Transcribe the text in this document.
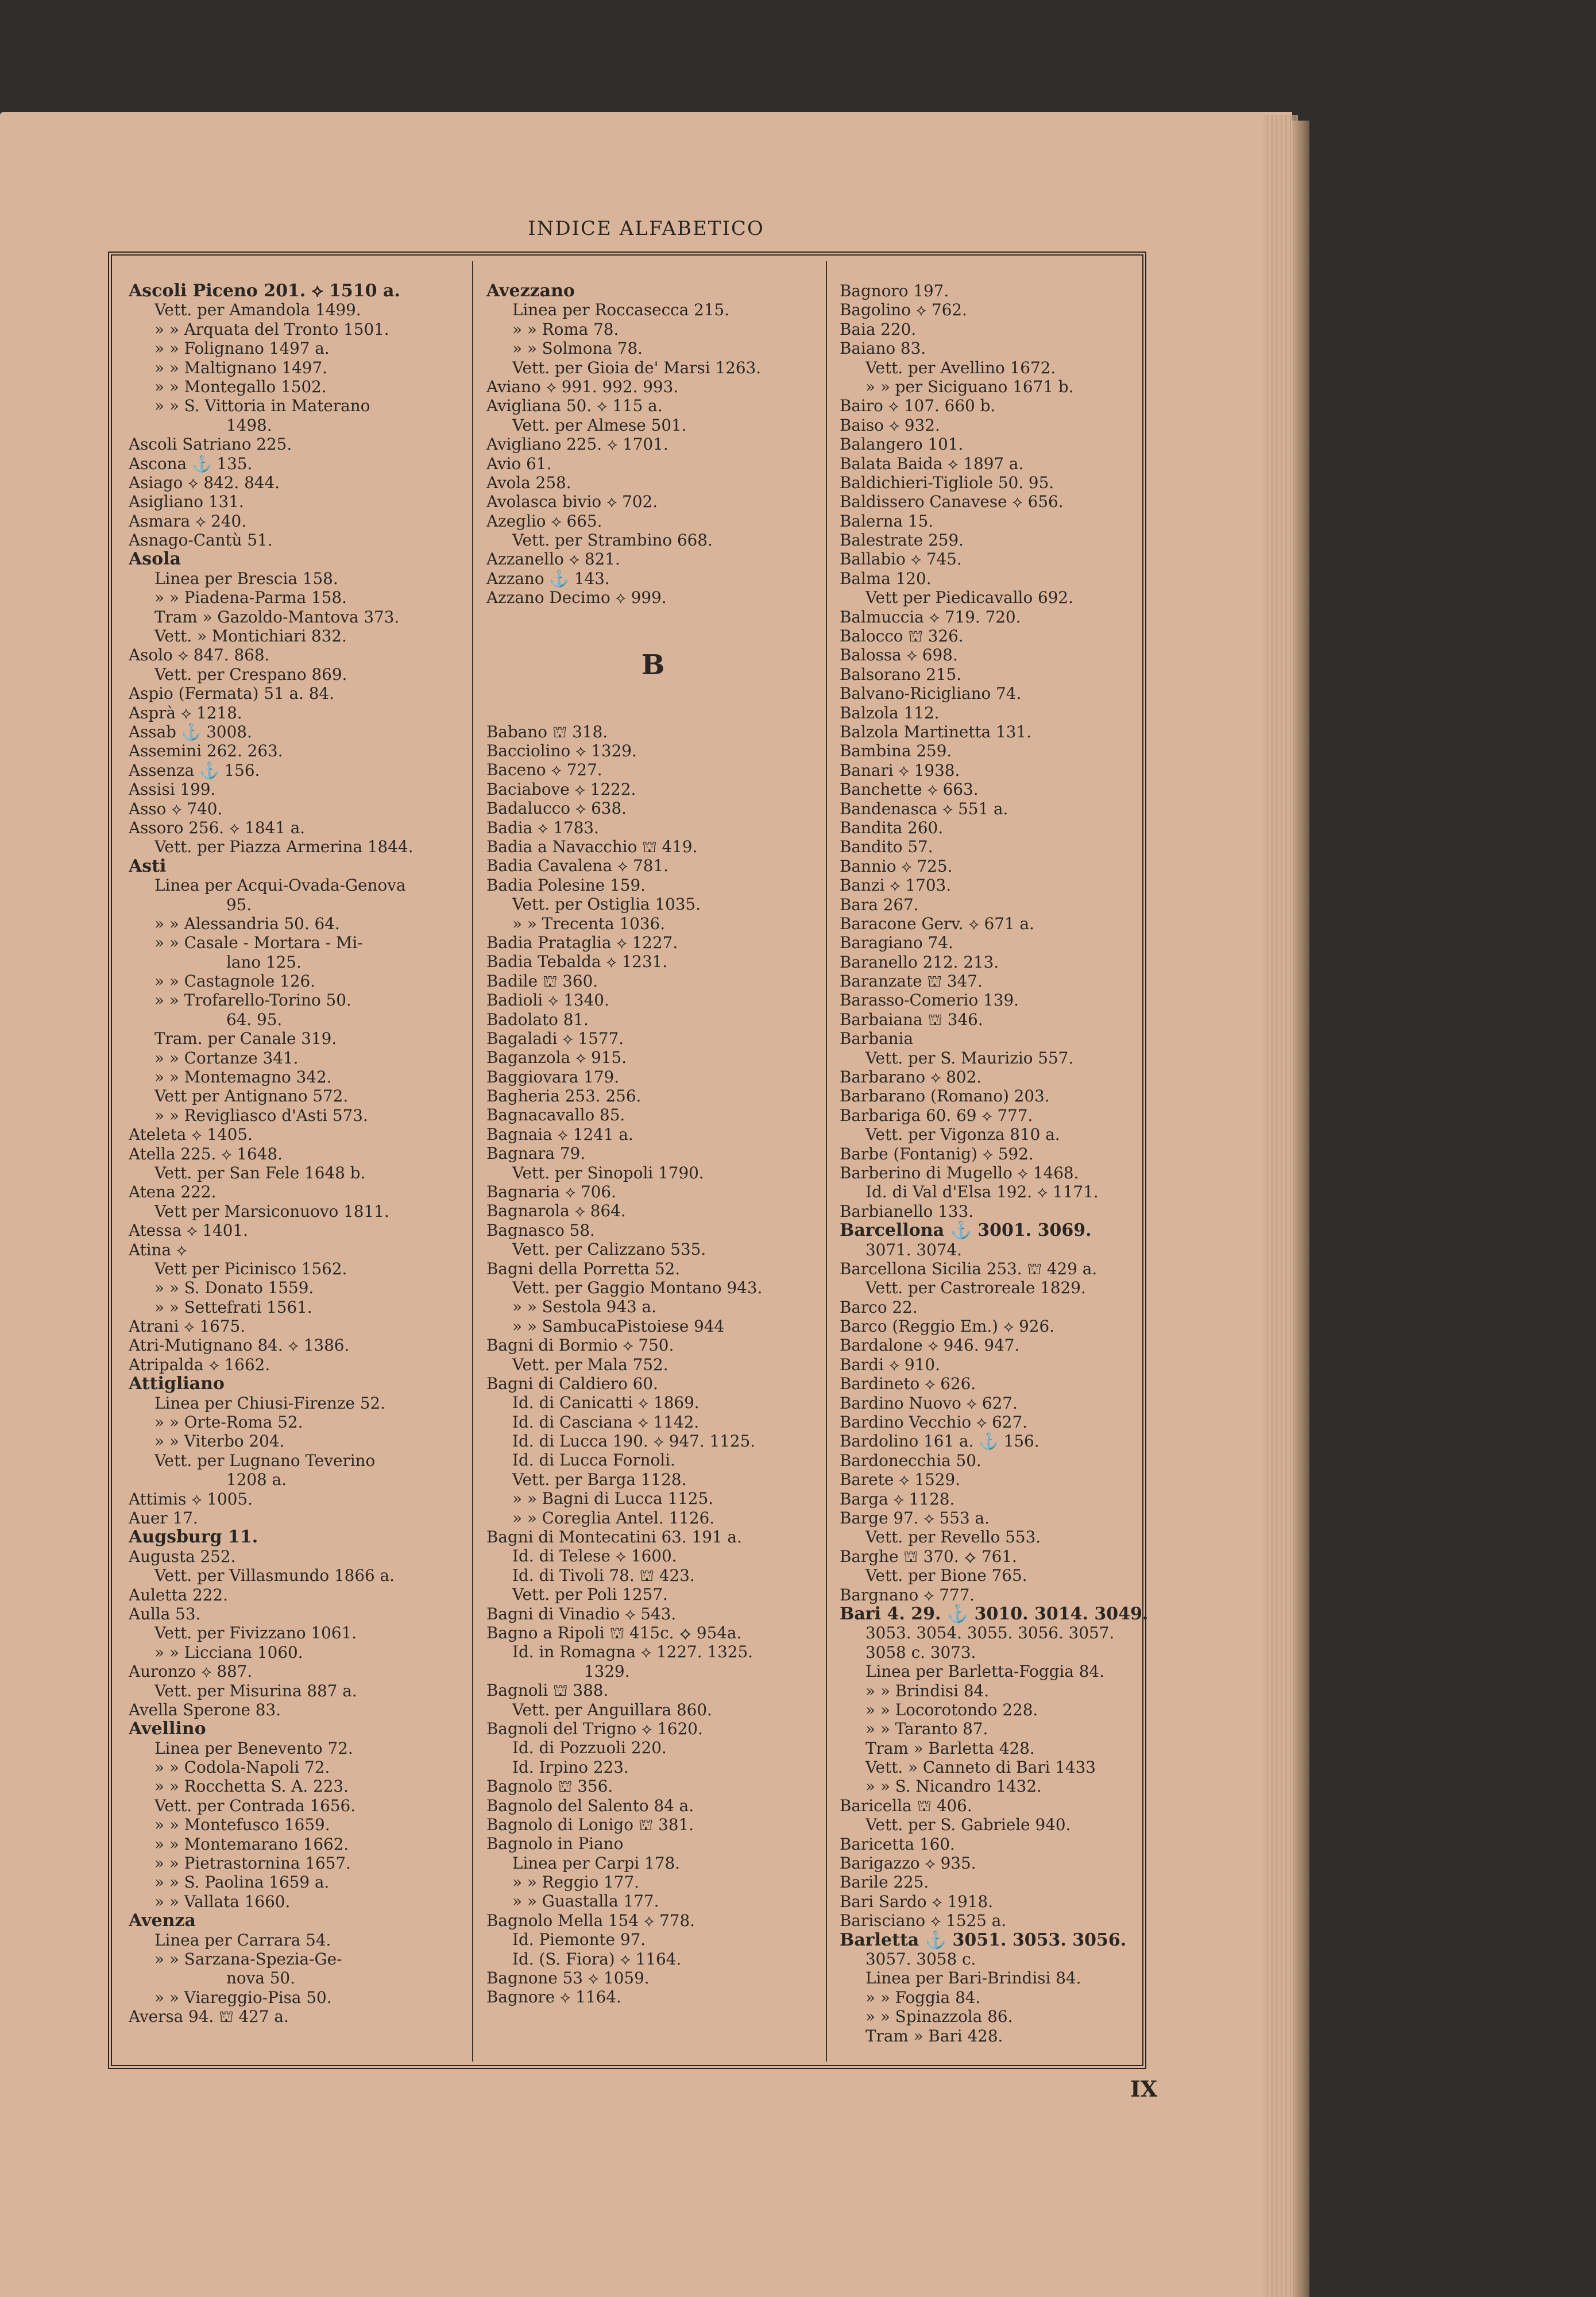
INDICE ALFABETICO
Ascoli Piceno 201. ⟡ 1510 a.
Vett. per Amandola 1499.
» » Arquata del Tronto 1501.
» » Folignano 1497 a.
» » Maltignano 1497.
» » Montegallo 1502.
» » S. Vittoria in Materano
1498.
Ascoli Satriano 225.
Ascona ⚓ 135.
Asiago ⟡ 842. 844.
Asigliano 131.
Asmara ⟡ 240.
Asnago-Cantù 51.
Asola
Linea per Brescia 158.
» » Piadena-Parma 158.
Tram » Gazoldo-Mantova 373.
Vett. » Montichiari 832.
Asolo ⟡ 847. 868.
Vett. per Crespano 869.
Aspio (Fermata) 51 a. 84.
Asprà ⟡ 1218.
Assab ⚓ 3008.
Assemini 262. 263.
Assenza ⚓ 156.
Assisi 199.
Asso ⟡ 740.
Assoro 256. ⟡ 1841 a.
Vett. per Piazza Armerina 1844.
Asti
Linea per Acqui-Ovada-Genova
95.
» » Alessandria 50. 64.
» » Casale - Mortara - Mi-
lano 125.
» » Castagnole 126.
» » Trofarello-Torino 50.
64. 95.
Tram. per Canale 319.
» » Cortanze 341.
» » Montemagno 342.
Vett per Antignano 572.
» » Revigliasco d'Asti 573.
Ateleta ⟡ 1405.
Atella 225. ⟡ 1648.
Vett. per San Fele 1648 b.
Atena 222.
Vett per Marsiconuovo 1811.
Atessa ⟡ 1401.
Atina ⟡
Vett per Picinisco 1562.
» » S. Donato 1559.
» » Settefrati 1561.
Atrani ⟡ 1675.
Atri-Mutignano 84. ⟡ 1386.
Atripalda ⟡ 1662.
Attigliano
Linea per Chiusi-Firenze 52.
» » Orte-Roma 52.
» » Viterbo 204.
Vett. per Lugnano Teverino
1208 a.
Attimis ⟡ 1005.
Auer 17.
Augsburg 11.
Augusta 252.
Vett. per Villasmundo 1866 a.
Auletta 222.
Aulla 53.
Vett. per Fivizzano 1061.
» » Licciana 1060.
Auronzo ⟡ 887.
Vett. per Misurina 887 a.
Avella Sperone 83.
Avellino
Linea per Benevento 72.
» » Codola-Napoli 72.
» » Rocchetta S. A. 223.
Vett. per Contrada 1656.
» » Montefusco 1659.
» » Montemarano 1662.
» » Pietrastornina 1657.
» » S. Paolina 1659 a.
» » Vallata 1660.
Avenza
Linea per Carrara 54.
» » Sarzana-Spezia-Ge-
nova 50.
» » Viareggio-Pisa 50.
Aversa 94. ⛫ 427 a.
Avezzano
Linea per Roccasecca 215.
» » Roma 78.
» » Solmona 78.
Vett. per Gioia de' Marsi 1263.
Aviano ⟡ 991. 992. 993.
Avigliana 50. ⟡ 115 a.
Vett. per Almese 501.
Avigliano 225. ⟡ 1701.
Avio 61.
Avola 258.
Avolasca bivio ⟡ 702.
Azeglio ⟡ 665.
Vett. per Strambino 668.
Azzanello ⟡ 821.
Azzano ⚓ 143.
Azzano Decimo ⟡ 999.
B
Babano ⛫ 318.
Bacciolino ⟡ 1329.
Baceno ⟡ 727.
Baciabove ⟡ 1222.
Badalucco ⟡ 638.
Badia ⟡ 1783.
Badia a Navacchio ⛫ 419.
Badia Cavalena ⟡ 781.
Badia Polesine 159.
Vett. per Ostiglia 1035.
» » Trecenta 1036.
Badia Prataglia ⟡ 1227.
Badia Tebalda ⟡ 1231.
Badile ⛫ 360.
Badioli ⟡ 1340.
Badolato 81.
Bagaladi ⟡ 1577.
Baganzola ⟡ 915.
Baggiovara 179.
Bagheria 253. 256.
Bagnacavallo 85.
Bagnaia ⟡ 1241 a.
Bagnara 79.
Vett. per Sinopoli 1790.
Bagnaria ⟡ 706.
Bagnarola ⟡ 864.
Bagnasco 58.
Vett. per Calizzano 535.
Bagni della Porretta 52.
Vett. per Gaggio Montano 943.
» » Sestola 943 a.
» » SambucaPistoiese 944
Bagni di Bormio ⟡ 750.
Vett. per Mala 752.
Bagni di Caldiero 60.
Id. di Canicatti ⟡ 1869.
Id. di Casciana ⟡ 1142.
Id. di Lucca 190. ⟡ 947. 1125.
Id. di Lucca Fornoli.
Vett. per Barga 1128.
» » Bagni di Lucca 1125.
» » Coreglia Antel. 1126.
Bagni di Montecatini 63. 191 a.
Id. di Telese ⟡ 1600.
Id. di Tivoli 78. ⛫ 423.
Vett. per Poli 1257.
Bagni di Vinadio ⟡ 543.
Bagno a Ripoli ⛫ 415c. ⟡ 954a.
Id. in Romagna ⟡ 1227. 1325.
1329.
Bagnoli ⛫ 388.
Vett. per Anguillara 860.
Bagnoli del Trigno ⟡ 1620.
Id. di Pozzuoli 220.
Id. Irpino 223.
Bagnolo ⛫ 356.
Bagnolo del Salento 84 a.
Bagnolo di Lonigo ⛫ 381.
Bagnolo in Piano
Linea per Carpi 178.
» » Reggio 177.
» » Guastalla 177.
Bagnolo Mella 154 ⟡ 778.
Id. Piemonte 97.
Id. (S. Fiora) ⟡ 1164.
Bagnone 53 ⟡ 1059.
Bagnore ⟡ 1164.
Bagnoro 197.
Bagolino ⟡ 762.
Baia 220.
Baiano 83.
Vett. per Avellino 1672.
» » per Siciguano 1671 b.
Bairo ⟡ 107. 660 b.
Baiso ⟡ 932.
Balangero 101.
Balata Baida ⟡ 1897 a.
Baldichieri-Tigliole 50. 95.
Baldissero Canavese ⟡ 656.
Balerna 15.
Balestrate 259.
Ballabio ⟡ 745.
Balma 120.
Vett per Piedicavallo 692.
Balmuccia ⟡ 719. 720.
Balocco ⛫ 326.
Balossa ⟡ 698.
Balsorano 215.
Balvano-Ricigliano 74.
Balzola 112.
Balzola Martinetta 131.
Bambina 259.
Banari ⟡ 1938.
Banchette ⟡ 663.
Bandenasca ⟡ 551 a.
Bandita 260.
Bandito 57.
Bannio ⟡ 725.
Banzi ⟡ 1703.
Bara 267.
Baracone Gerv. ⟡ 671 a.
Baragiano 74.
Baranello 212. 213.
Baranzate ⛫ 347.
Barasso-Comerio 139.
Barbaiana ⛫ 346.
Barbania
Vett. per S. Maurizio 557.
Barbarano ⟡ 802.
Barbarano (Romano) 203.
Barbariga 60. 69 ⟡ 777.
Vett. per Vigonza 810 a.
Barbe (Fontanig) ⟡ 592.
Barberino di Mugello ⟡ 1468.
Id. di Val d'Elsa 192. ⟡ 1171.
Barbianello 133.
Barcellona ⚓ 3001. 3069.
3071. 3074.
Barcellona Sicilia 253. ⛫ 429 a.
Vett. per Castroreale 1829.
Barco 22.
Barco (Reggio Em.) ⟡ 926.
Bardalone ⟡ 946. 947.
Bardi ⟡ 910.
Bardineto ⟡ 626.
Bardino Nuovo ⟡ 627.
Bardino Vecchio ⟡ 627.
Bardolino 161 a. ⚓ 156.
Bardonecchia 50.
Barete ⟡ 1529.
Barga ⟡ 1128.
Barge 97. ⟡ 553 a.
Vett. per Revello 553.
Barghe ⛫ 370. ⟡ 761.
Vett. per Bione 765.
Bargnano ⟡ 777.
Bari 4. 29. ⚓ 3010. 3014. 3049.
3053. 3054. 3055. 3056. 3057.
3058 c. 3073.
Linea per Barletta-Foggia 84.
» » Brindisi 84.
» » Locorotondo 228.
» » Taranto 87.
Tram » Barletta 428.
Vett. » Canneto di Bari 1433
» » S. Nicandro 1432.
Baricella ⛫ 406.
Vett. per S. Gabriele 940.
Baricetta 160.
Barigazzo ⟡ 935.
Barile 225.
Bari Sardo ⟡ 1918.
Barisciano ⟡ 1525 a.
Barletta ⚓ 3051. 3053. 3056.
3057. 3058 c.
Linea per Bari-Brindisi 84.
» » Foggia 84.
» » Spinazzola 86.
Tram » Bari 428.
IX
